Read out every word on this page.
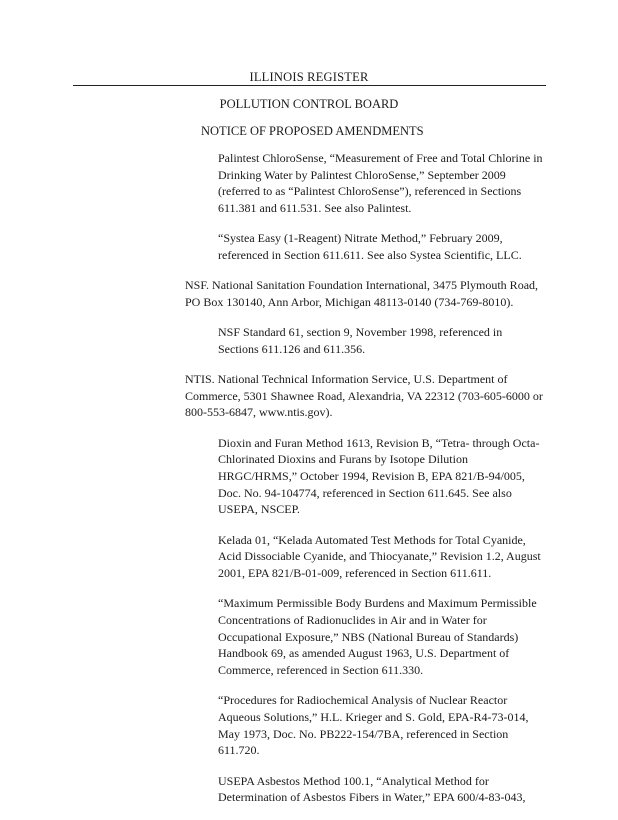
ILLINOIS REGISTER
POLLUTION CONTROL BOARD
NOTICE OF PROPOSED AMENDMENTS

Palintest ChloroSense, “Measurement of Free and Total Chlorine in Drinking Water by Palintest ChloroSense,” September 2009 (referred to as “Palintest ChloroSense”), referenced in Sections 611.381 and 611.531. See also Palintest.

“Systea Easy (1-Reagent) Nitrate Method,” February 2009, referenced in Section 611.611. See also Systea Scientific, LLC.

NSF. National Sanitation Foundation International, 3475 Plymouth Road, PO Box 130140, Ann Arbor, Michigan 48113-0140 (734-769-8010).

NSF Standard 61, section 9, November 1998, referenced in Sections 611.126 and 611.356.

NTIS. National Technical Information Service, U.S. Department of Commerce, 5301 Shawnee Road, Alexandria, VA 22312 (703-605-6000 or 800-553-6847, www.ntis.gov).

Dioxin and Furan Method 1613, Revision B, “Tetra- through Octa-Chlorinated Dioxins and Furans by Isotope Dilution HRGC/HRMS,” October 1994, Revision B, EPA 821/B-94/005, Doc. No. 94-104774, referenced in Section 611.645. See also USEPA, NSCEP.

Kelada 01, “Kelada Automated Test Methods for Total Cyanide, Acid Dissociable Cyanide, and Thiocyanate,” Revision 1.2, August 2001, EPA 821/B-01-009, referenced in Section 611.611.

“Maximum Permissible Body Burdens and Maximum Permissible Concentrations of Radionuclides in Air and in Water for Occupational Exposure,” NBS (National Bureau of Standards) Handbook 69, as amended August 1963, U.S. Department of Commerce, referenced in Section 611.330.

“Procedures for Radiochemical Analysis of Nuclear Reactor Aqueous Solutions,” H.L. Krieger and S. Gold, EPA-R4-73-014, May 1973, Doc. No. PB222-154/7BA, referenced in Section 611.720.

USEPA Asbestos Method 100.1, “Analytical Method for Determination of Asbestos Fibers in Water,” EPA 600/4-83-043,
